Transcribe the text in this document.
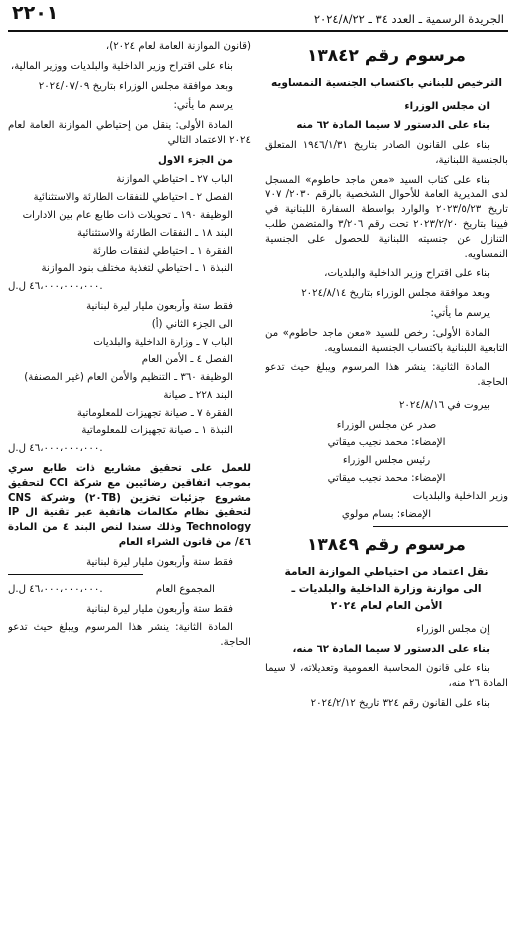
الجريدة الرسمية ـ العدد ٣٤ ـ ٢٠٢٤/٨/٢٢
٢٢٠١
مرسوم رقم ١٣٨٤٢
الترخيص للبناني باكتساب الجنسية النمساويه

ان مجلس الوزراء

بناء على الدستور لا سيما المادة ٦٢ منه

بناء على القانون الصادر بتاريخ ١٩٤٦/١/٣١ المتعلق بالجنسية اللبنانية،

بناء على كتاب السيد «معن ماجد حاطوم» المسجل لدى المديرية العامة للأحوال الشخصية بالرقم ٢٠٣٠/ ٧٠٧ تاريخ ٢٠٢٣/٥/٢٣ والوارد بواسطة السفارة اللبنانية في فيينا بتاريخ ٢٠٢٣/٢/٢٠ تحت رقم ٣/٢٠٦ والمتضمن طلب التنازل عن جنسيته اللبنانية للحصول على الجنسية النمساويه.

بناء على اقتراح وزير الداخلية والبلديات،

وبعد موافقة مجلس الوزراء بتاريخ ٢٠٢٤/٨/١٤

يرسم ما يأتي:

المادة الأولى: رخص للسيد «معن ماجد حاطوم» من التابعية اللبنانية باكتساب الجنسية النمساويه.

المادة الثانية: ينشر هذا المرسوم ويبلغ حيث تدعو الحاجة.

بيروت في ٢٠٢٤/٨/١٦

صدر عن مجلس الوزراء

الإمضاء: محمد نجيب ميقاتي

رئيس مجلس الوزراء

الإمضاء: محمد نجيب ميقاتي

وزير الداخلية والبلديات

الإمضاء: بسام مولوي

مرسوم رقم ١٣٨٤٩
نقل اعتماد من احتياطي الموازنة العامة
الى موازنة وزارة الداخلية والبلديات ـ
الأمن العام لعام ٢٠٢٤

إن مجلس الوزراء

بناء على الدستور لا سيما المادة ٦٢ منه،

بناء على قانون المحاسبة العمومية وتعديلاته، لا سيما المادة ٢٦ منه،

بناء على القانون رقم ٣٢٤ تاريخ ٢٠٢٤/٢/١٢

(قانون الموازنة العامة لعام ٢٠٢٤)،

بناء على اقتراح وزير الداخلية والبلديات ووزير المالية،

وبعد موافقة مجلس الوزراء بتاريخ ٢٠٢٤/٠٧/٠٩

يرسم ما يأتي:

المادة الأولى: ينقل من إحتياطي الموازنة العامة لعام ٢٠٢٤ الاعتماد التالي

من الجزء الاول

الباب ٢٧ ـ احتياطي الموازنة

الفصل ٢ ـ احتياطي للنفقات الطارئة والاستثنائية

الوظيفة ١٩٠ ـ تحويلات ذات طابع عام بين الادارات

البند ١٨ ـ النفقات الطارئة والاستثنائية

الفقرة ١ ـ احتياطي لنفقات طارئة

النبذة ١ ـ احتياطي لتغذية مختلف بنود الموازنة

٤٦،٠٠٠،٠٠٠،٠٠٠ ل.ل.

فقط ستة وأربعون مليار ليرة لبنانية

الى الجزء الثاني (أ)

الباب ٧ ـ وزارة الداخلية والبلديات

الفصل ٤ ـ الأمن العام

الوظيفة ٣٦٠ ـ التنظيم والأمن العام (غير المصنفة)

البند ٢٢٨ ـ صيانة

الفقرة ٧ ـ صيانة تجهيزات للمعلوماتية

النبذة ١ ـ صيانة تجهيزات للمعلوماتية

٤٦،٠٠٠،٠٠٠،٠٠٠ ل.ل.

للعمل على تحقيق مشاريع ذات طابع سري بموجب اتفاقين رضائيين مع شركة CCI لتحقيق مشروع جزئيات تخزين (٢٠TB) وشركة CNS لتحقيق نظام مكالمات هاتفية عبر تقنية ال IP Technology وذلك سندا لنص البند ٤ من المادة ٤٦/ من قانون الشراء العام

فقط ستة وأربعون مليار ليرة لبنانية

المجموع العام
٤٦،٠٠٠،٠٠٠،٠٠٠ ل.ل.

فقط ستة وأربعون مليار ليرة لبنانية

المادة الثانية: ينشر هذا المرسوم ويبلغ حيث تدعو الحاجة.
